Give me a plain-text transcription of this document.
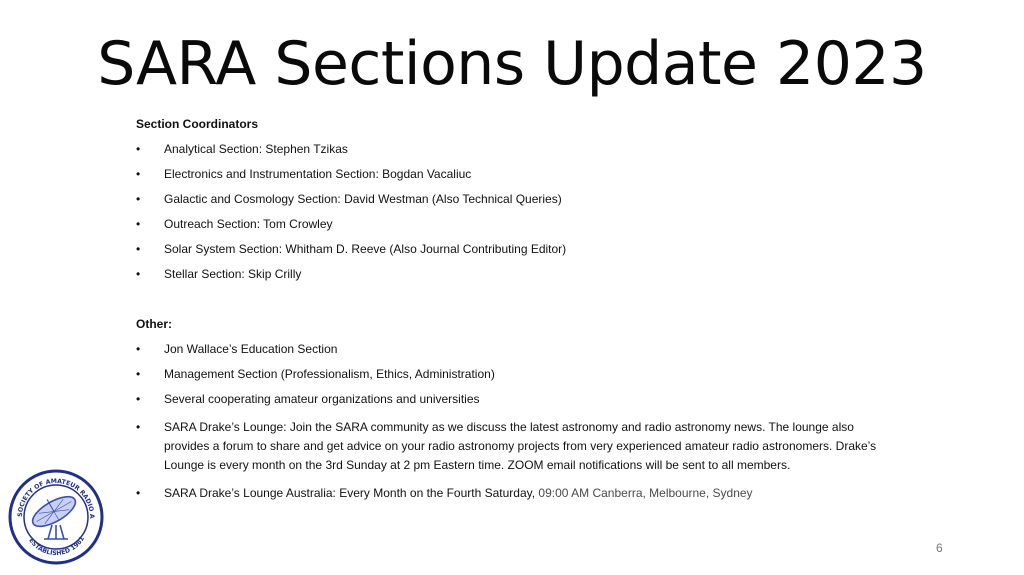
SARA Sections Update 2023
Section Coordinators
• Analytical Section: Stephen Tzikas
• Electronics and Instrumentation Section: Bogdan Vacaliuc
• Galactic and Cosmology Section: David Westman (Also Technical Queries)
• Outreach Section: Tom Crowley
• Solar System Section: Whitham D. Reeve (Also Journal Contributing Editor)
• Stellar Section: Skip Crilly
Other:
• Jon Wallace’s Education Section
• Management Section (Professionalism, Ethics, Administration)
• Several cooperating amateur organizations and universities
• SARA Drake’s Lounge: Join the SARA community as we discuss the latest astronomy and radio astronomy news. The lounge also provides a forum to share and get advice on your radio astronomy projects from very experienced amateur radio astronomers. Drake’s Lounge is every month on the 3rd Sunday at 2 pm Eastern time. ZOOM email notifications will be sent to all members.
• SARA Drake’s Lounge Australia: Every Month on the Fourth Saturday, 09:00 AM Canberra, Melbourne, Sydney
SOCIETY OF AMATEUR RADIO A
ESTABLISHED 1981
6
